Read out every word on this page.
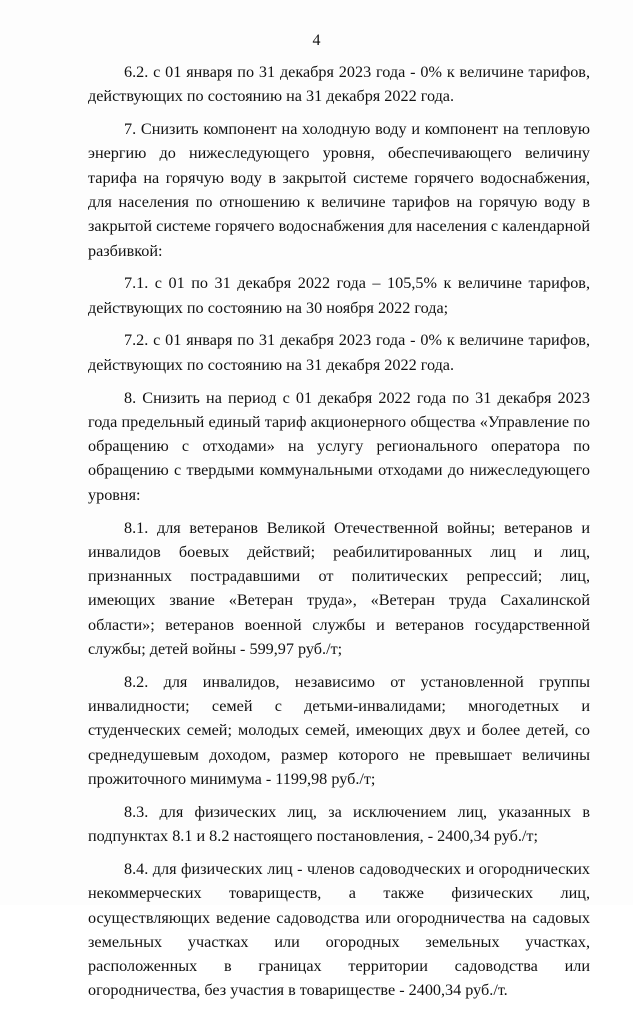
4

6.2. с 01 января по 31 декабря 2023 года - 0% к величине тарифов, действующих по состоянию на 31 декабря 2022 года.

7. Снизить компонент на холодную воду и компонент на тепловую энергию до нижеследующего уровня, обеспечивающего величину тарифа на горячую воду в закрытой системе горячего водоснабжения, для населения по отношению к величине тарифов на горячую воду в закрытой системе горячего водоснабжения для населения с календарной разбивкой:

7.1. с 01 по 31 декабря 2022 года – 105,5% к величине тарифов, действующих по состоянию на 30 ноября 2022 года;

7.2. с 01 января по 31 декабря 2023 года - 0% к величине тарифов, действующих по состоянию на 31 декабря 2022 года.

8. Снизить на период с 01 декабря 2022 года по 31 декабря 2023 года предельный единый тариф акционерного общества «Управление по обращению с отходами» на услугу регионального оператора по обращению с твердыми коммунальными отходами до нижеследующего уровня:

8.1. для ветеранов Великой Отечественной войны; ветеранов и инвалидов боевых действий; реабилитированных лиц и лиц, признанных пострадавшими от политических репрессий; лиц, имеющих звание «Ветеран труда», «Ветеран труда Сахалинской области»; ветеранов военной службы и ветеранов государственной службы; детей войны - 599,97 руб./т;

8.2. для инвалидов, независимо от установленной группы инвалидности; семей с детьми-инвалидами; многодетных и студенческих семей; молодых семей, имеющих двух и более детей, со среднедушевым доходом, размер которого не превышает величины прожиточного минимума - 1199,98 руб./т;

8.3. для физических лиц, за исключением лиц, указанных в подпунктах 8.1 и 8.2 настоящего постановления, - 2400,34 руб./т;

8.4. для физических лиц - членов садоводческих и огороднических некоммерческих товариществ, а также физических лиц, осуществляющих ведение садоводства или огородничества на садовых земельных участках или огородных земельных участках, расположенных в границах территории садоводства или огородничества, без участия в товариществе - 2400,34 руб./т.
